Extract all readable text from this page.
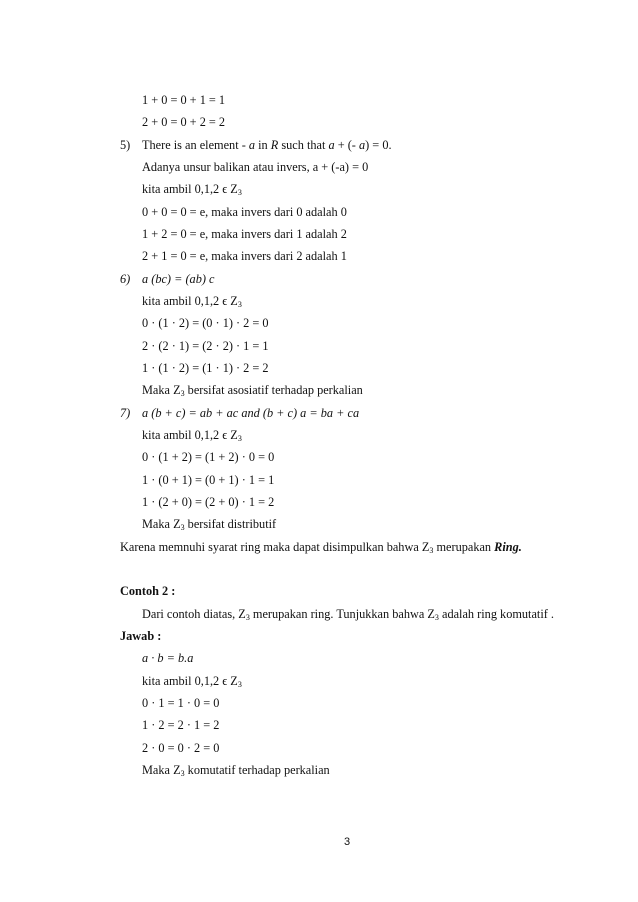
1 + 0 = 0 + 1 = 1
2 + 0 = 0 + 2 = 2
5) There is an element - a in R such that a + (- a) = 0.
Adanya unsur balikan atau invers, a + (-a) = 0
kita ambil 0,1,2 ϵ $Z_3$
0 + 0 = 0 = e, maka invers dari 0 adalah 0
1 + 2 = 0 = e, maka invers dari 1 adalah 2
2 + 1 = 0 = e, maka invers dari 2 adalah 1
6) a (bc) = (ab) c
kita ambil 0,1,2 ϵ $Z_3$
0 · (1 · 2) = (0 · 1) · 2 = 0
2 · (2 · 1) = (2 · 2) · 1 = 1
1 · (1 · 2) = (1 · 1) · 2 = 2
Maka $Z_3$ bersifat asosiatif terhadap perkalian
7) a (b + c) = ab + ac and (b + c) a = ba + ca
kita ambil 0,1,2 ϵ $Z_3$
0 · (1 + 2) = (1 + 2) · 0 = 0
1 · (0 + 1) = (0 + 1) · 1 = 1
1 · (2 + 0) = (2 + 0) · 1 = 2
Maka $Z_3$ bersifat distributif
Karena memnuhi syarat ring maka dapat disimpulkan bahwa $Z_3$ merupakan Ring.
Contoh 2 :
Dari contoh diatas, $Z_3$ merupakan ring. Tunjukkan bahwa $Z_3$ adalah ring komutatif .
Jawab :
a · b = b.a
kita ambil 0,1,2 ϵ $Z_3$
0 · 1 = 1 · 0 = 0
1 · 2 = 2 · 1 = 2
2 · 0 = 0 · 2 = 0
Maka $Z_3$ komutatif terhadap perkalian
3
